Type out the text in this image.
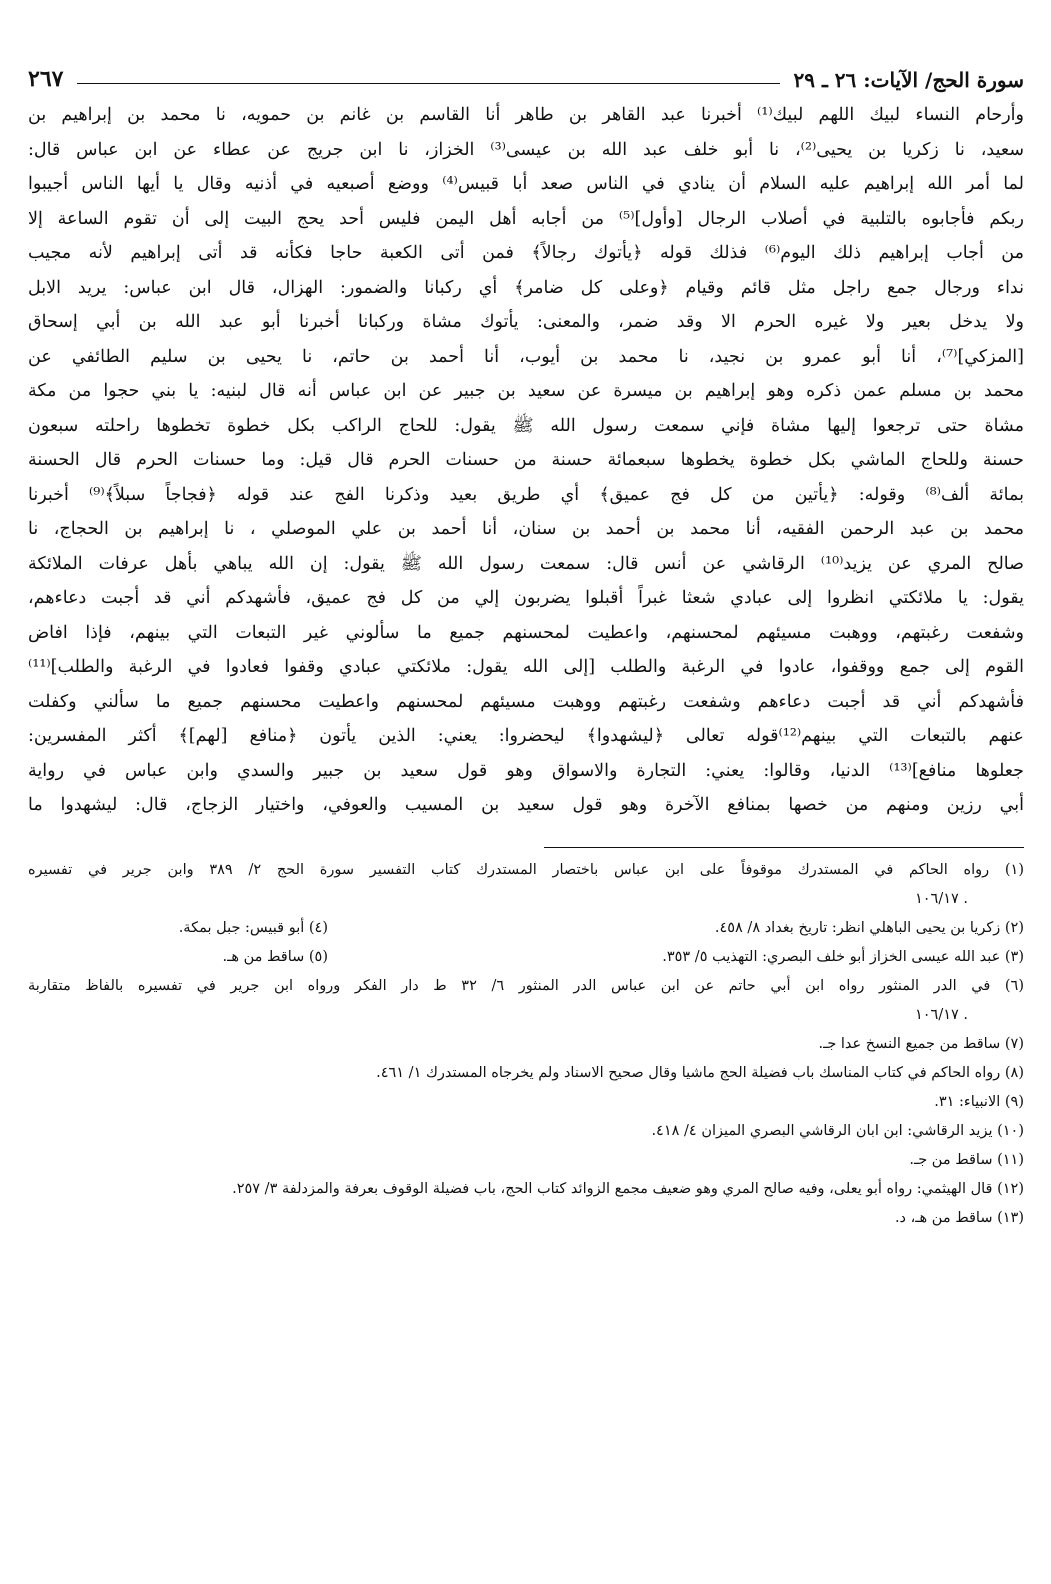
سورة الحج/ الآيات: ٢٦ ـ ٢٩
٢٦٧
وأرحام النساء لبيك اللهم لبيك⁽¹⁾ أخبرنا عبد القاهر بن طاهر أنا القاسم بن غانم بن حمويه، نا محمد بن إبراهيم بن
سعيد، نا زكريا بن يحيى⁽²⁾، نا أبو خلف عبد الله بن عيسى⁽³⁾ الخزاز، نا ابن جريج عن عطاء عن ابن عباس قال:
لما أمر الله إبراهيم عليه السلام أن ينادي في الناس صعد أبا قبيس⁽⁴⁾ ووضع أصبعيه في أذنيه وقال يا أيها الناس أجيبوا
ربكم فأجابوه بالتلبية في أصلاب الرجال [وأول]⁽⁵⁾ من أجابه أهل اليمن فليس أحد يحج البيت إلى أن تقوم الساعة إلا
من أجاب إبراهيم ذلك اليوم⁽⁶⁾ فذلك قوله ﴿يأتوك رجالاً﴾ فمن أتى الكعبة حاجا فكأنه قد أتى إبراهيم لأنه مجيب
نداء ورجال جمع راجل مثل قائم وقيام ﴿وعلى كل ضامر﴾ أي ركبانا والضمور: الهزال، قال ابن عباس: يريد الابل
ولا يدخل بعير ولا غيره الحرم الا وقد ضمر، والمعنى: يأتوك مشاة وركبانا أخبرنا أبو عبد الله بن أبي إسحاق
[المزكي]⁽⁷⁾، أنا أبو عمرو بن نجيد، نا محمد بن أيوب، أنا أحمد بن حاتم، نا يحيى بن سليم الطائفي عن
محمد بن مسلم عمن ذكره وهو إبراهيم بن ميسرة عن سعيد بن جبير عن ابن عباس أنه قال لبنيه: يا بني حجوا من مكة
مشاة حتى ترجعوا إليها مشاة فإني سمعت رسول الله ﷺ يقول: للحاج الراكب بكل خطوة تخطوها راحلته سبعون
حسنة وللحاج الماشي بكل خطوة يخطوها سبعمائة حسنة من حسنات الحرم قال قيل: وما حسنات الحرم قال الحسنة
بمائة ألف⁽⁸⁾ وقوله: ﴿يأتين من كل فج عميق﴾ أي طريق بعيد وذكرنا الفج عند قوله ﴿فجاجاً سبلاً﴾⁽⁹⁾ أخبرنا
محمد بن عبد الرحمن الفقيه، أنا محمد بن أحمد بن سنان، أنا أحمد بن علي الموصلي ، نا إبراهيم بن الحجاج، نا
صالح المري عن يزيد⁽¹⁰⁾ الرقاشي عن أنس قال: سمعت رسول الله ﷺ يقول: إن الله يباهي بأهل عرفات الملائكة
يقول: يا ملائكتي انظروا إلى عبادي شعثا غبراً أقبلوا يضربون إلي من كل فج عميق، فأشهدكم أني قد أجبت دعاءهم،
وشفعت رغبتهم، ووهبت مسيئهم لمحسنهم، واعطيت لمحسنهم جميع ما سألوني غير التبعات التي بينهم، فإذا افاض
القوم إلى جمع ووقفوا، عادوا في الرغبة والطلب [إلى الله يقول: ملائكتي عبادي وقفوا فعادوا في الرغبة والطلب]⁽¹¹⁾
فأشهدكم أني قد أجبت دعاءهم وشفعت رغبتهم ووهبت مسيئهم لمحسنهم واعطيت محسنهم جميع ما سألني وكفلت
عنهم بالتبعات التي بينهم⁽¹²⁾قوله تعالى ﴿ليشهدوا﴾ ليحضروا: يعني: الذين يأتون ﴿منافع [لهم]﴾ أكثر المفسرين:
جعلوها منافع]⁽¹³⁾ الدنيا، وقالوا: يعني: التجارة والاسواق وهو قول سعيد بن جبير والسدي وابن عباس في رواية
أبي رزين ومنهم من خصها بمنافع الآخرة وهو قول سعيد بن المسيب والعوفي، واختيار الزجاج، قال: ليشهدوا ما
(١) رواه الحاكم في المستدرك موقوفاً على ابن عباس باختصار المستدرك كتاب التفسير سورة الحج ٢/ ٣٨٩ وابن جرير في تفسيره
. ١٠٦/١٧
(٢) زكريا بن يحيى الباهلي انظر: تاريخ بغداد ٨/ ٤٥٨.
(٤) أبو قبيس: جبل بمكة.
(٣) عبد الله عيسى الخزاز أبو خلف البصري: التهذيب ٥/ ٣٥٣.
(٥) ساقط من هـ.
(٦) في الدر المنثور رواه ابن أبي حاتم عن ابن عباس الدر المنثور ٦/ ٣٢ ط دار الفكر ورواه ابن جرير في تفسيره بالفاظ متقاربة
. ١٠٦/١٧
(٧) ساقط من جميع النسخ عدا جـ.
(٨) رواه الحاكم في كتاب المناسك باب فضيلة الحج ماشيا وقال صحيح الاسناد ولم يخرجاه المستدرك ١/ ٤٦١.
(٩) الانبياء: ٣١.
(١٠) يزيد الرقاشي: ابن ابان الرقاشي البصري الميزان ٤/ ٤١٨.
(١١) ساقط من جـ.
(١٢) قال الهيثمي: رواه أبو يعلى، وفيه صالح المري وهو ضعيف مجمع الزوائد كتاب الحج، باب فضيلة الوقوف بعرفة والمزدلفة ٣/ ٢٥٧.
(١٣) ساقط من هـ، د.
